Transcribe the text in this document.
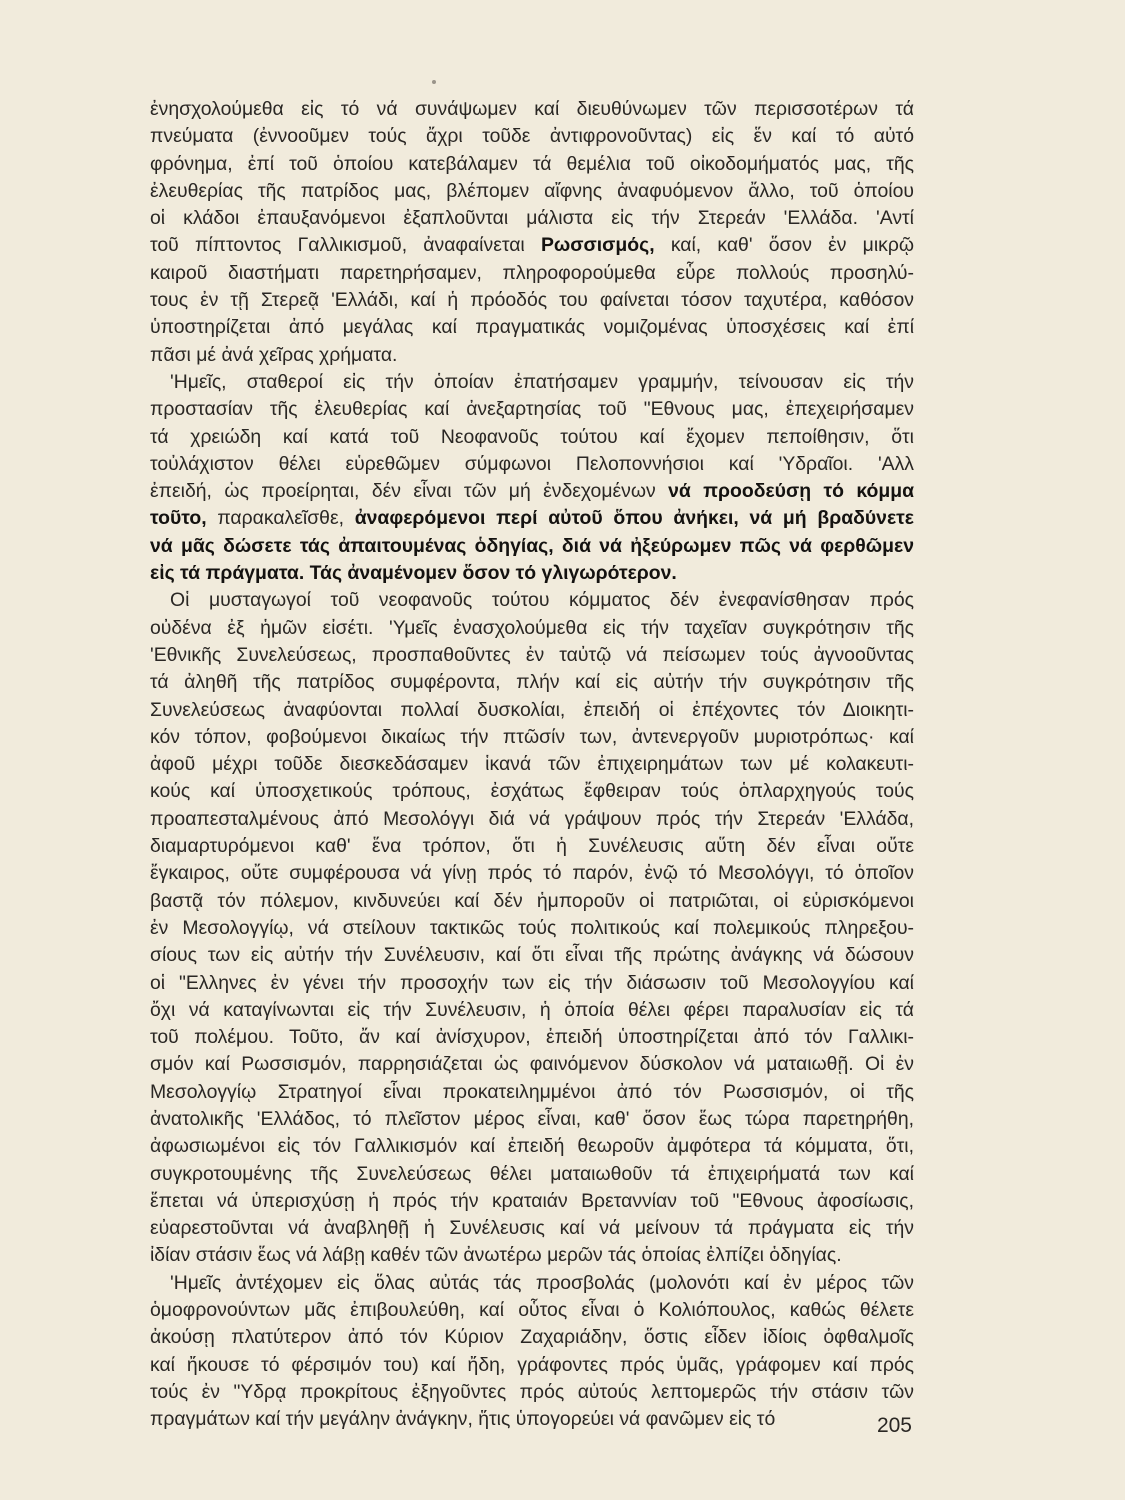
ἐνησχολούμεθα εἰς τό νά συνάψωμεν καί διευθύνωμεν τῶν περισσοτέρων τά
πνεύματα (ἐννοοῦμεν τούς ἄχρι τοῦδε ἀντιφρονοῦντας) εἰς ἕν καί τό αὐτό
φρόνημα, ἐπί τοῦ ὁποίου κατεβάλαμεν τά θεμέλια τοῦ οἰκοδομήματός μας, τῆς
ἐλευθερίας τῆς πατρίδος μας, βλέπομεν αἴφνης ἀναφυόμενον ἄλλο, τοῦ ὁποίου
οἱ κλάδοι ἐπαυξανόμενοι ἐξαπλοῦνται μάλιστα εἰς τήν Στερεάν 'Ελλάδα. 'Αντί
τοῦ πίπτοντος Γαλλικισμοῦ, ἀναφαίνεται Ρωσσισμός, καί, καθ' ὅσον ἐν μικρῷ
καιροῦ διαστήματι παρετηρήσαμεν, πληροφορούμεθα εὗρε πολλούς προσηλύ-
τους ἐν τῇ Στερεᾷ 'Ελλάδι, καί ἡ πρόοδός του φαίνεται τόσον ταχυτέρα, καθόσον
ὑποστηρίζεται ἀπό μεγάλας καί πραγματικάς νομιζομένας ὑποσχέσεις καί ἐπί
πᾶσι μέ ἀνά χεῖρας χρήματα.
'Ημεῖς, σταθεροί εἰς τήν ὁποίαν ἐπατήσαμεν γραμμήν, τείνουσαν εἰς τήν
προστασίαν τῆς ἐλευθερίας καί ἀνεξαρτησίας τοῦ "Εθνους μας, ἐπεχειρήσαμεν
τά χρειώδη καί κατά τοῦ Νεοφανοῦς τούτου καί ἔχομεν πεποίθησιν, ὅτι
τοὐλάχιστον θέλει εὑρεθῶμεν σύμφωνοι Πελοποννήσιοι καί 'Υδραῖοι. 'Αλλ
ἐπειδή, ὡς προείρηται, δέν εἶναι τῶν μή ἐνδεχομένων νά προοδεύσῃ τό κόμμα
τοῦτο, παρακαλεῖσθε, ἀναφερόμενοι περί αὐτοῦ ὅπου ἀνήκει, νά μή βραδύνετε
νά μᾶς δώσετε τάς ἀπαιτουμένας ὁδηγίας, διά νά ἠξεύρωμεν πῶς νά φερθῶμεν
εἰς τά πράγματα. Τάς ἀναμένομεν ὅσον τό γλιγωρότερον.
Οἱ μυσταγωγοί τοῦ νεοφανοῦς τούτου κόμματος δέν ἐνεφανίσθησαν πρός
οὐδένα ἐξ ἡμῶν εἰσέτι. 'Υμεῖς ἐνασχολούμεθα εἰς τήν ταχεῖαν συγκρότησιν τῆς
'Εθνικῆς Συνελεύσεως, προσπαθοῦντες ἐν ταὐτῷ νά πείσωμεν τούς ἀγνοοῦντας
τά ἀληθῆ τῆς πατρίδος συμφέροντα, πλήν καί εἰς αὐτήν τήν συγκρότησιν τῆς
Συνελεύσεως ἀναφύονται πολλαί δυσκολίαι, ἐπειδή οἱ ἐπέχοντες τόν Διοικητι-
κόν τόπον, φοβούμενοι δικαίως τήν πτῶσίν των, ἀντενεργοῦν μυριοτρόπως· καί
ἀφοῦ μέχρι τοῦδε διεσκεδάσαμεν ἱκανά τῶν ἐπιχειρημάτων των μέ κολακευτι-
κούς καί ὑποσχετικούς τρόπους, ἐσχάτως ἔφθειραν τούς ὁπλαρχηγούς τούς
προαπεσταλμένους ἀπό Μεσολόγγι διά νά γράψουν πρός τήν Στερεάν 'Ελλάδα,
διαμαρτυρόμενοι καθ' ἕνα τρόπον, ὅτι ἡ Συνέλευσις αὕτη δέν εἶναι οὔτε
ἔγκαιρος, οὔτε συμφέρουσα νά γίνῃ πρός τό παρόν, ἐνῷ τό Μεσολόγγι, τό ὁποῖον
βαστᾷ τόν πόλεμον, κινδυνεύει καί δέν ἡμποροῦν οἱ πατριῶται, οἱ εὑρισκόμενοι
ἐν Μεσολογγίῳ, νά στείλουν τακτικῶς τούς πολιτικούς καί πολεμικούς πληρεξου-
σίους των εἰς αὐτήν τήν Συνέλευσιν, καί ὅτι εἶναι τῆς πρώτης ἀνάγκης νά δώσουν
οἱ "Ελληνες ἐν γένει τήν προσοχήν των εἰς τήν διάσωσιν τοῦ Μεσολογγίου καί
ὄχι νά καταγίνωνται εἰς τήν Συνέλευσιν, ἡ ὁποία θέλει φέρει παραλυσίαν εἰς τά
τοῦ πολέμου. Τοῦτο, ἄν καί ἀνίσχυρον, ἐπειδή ὑποστηρίζεται ἀπό τόν Γαλλικι-
σμόν καί Ρωσσισμόν, παρρησιάζεται ὡς φαινόμενον δύσκολον νά ματαιωθῇ. Οἱ ἐν
Μεσολογγίῳ Στρατηγοί εἶναι προκατειλημμένοι ἀπό τόν Ρωσσισμόν, οἱ τῆς
ἀνατολικῆς 'Ελλάδος, τό πλεῖστον μέρος εἶναι, καθ' ὅσον ἕως τώρα παρετηρήθη,
ἀφωσιωμένοι εἰς τόν Γαλλικισμόν καί ἐπειδή θεωροῦν ἀμφότερα τά κόμματα, ὅτι,
συγκροτουμένης τῆς Συνελεύσεως θέλει ματαιωθοῦν τά ἐπιχειρήματά των καί
ἕπεται νά ὑπερισχύσῃ ἡ πρός τήν κραταιάν Βρεταννίαν τοῦ "Εθνους ἀφοσίωσις,
εὐαρεστοῦνται νά ἀναβληθῇ ἡ Συνέλευσις καί νά μείνουν τά πράγματα εἰς τήν
ἰδίαν στάσιν ἕως νά λάβῃ καθέν τῶν ἀνωτέρω μερῶν τάς ὁποίας ἐλπίζει ὁδηγίας.
'Ημεῖς ἀντέχομεν εἰς ὅλας αὐτάς τάς προσβολάς (μολονότι καί ἐν μέρος τῶν
ὁμοφρονούντων μᾶς ἐπιβουλεύθη, καί οὗτος εἶναι ὁ Κολιόπουλος, καθώς θέλετε
ἀκούσῃ πλατύτερον ἀπό τόν Κύριον Ζαχαριάδην, ὅστις εἶδεν ἰδίοις ὀφθαλμοῖς
καί ἤκουσε τό φέρσιμόν του) καί ἤδη, γράφοντες πρός ὑμᾶς, γράφομεν καί πρός
τούς ἐν "Υδρᾳ προκρίτους ἐξηγοῦντες πρός αὐτούς λεπτομερῶς τήν στάσιν τῶν
πραγμάτων καί τήν μεγάλην ἀνάγκην, ἥτις ὑπογορεύει νά φανῶμεν εἰς τό	205
